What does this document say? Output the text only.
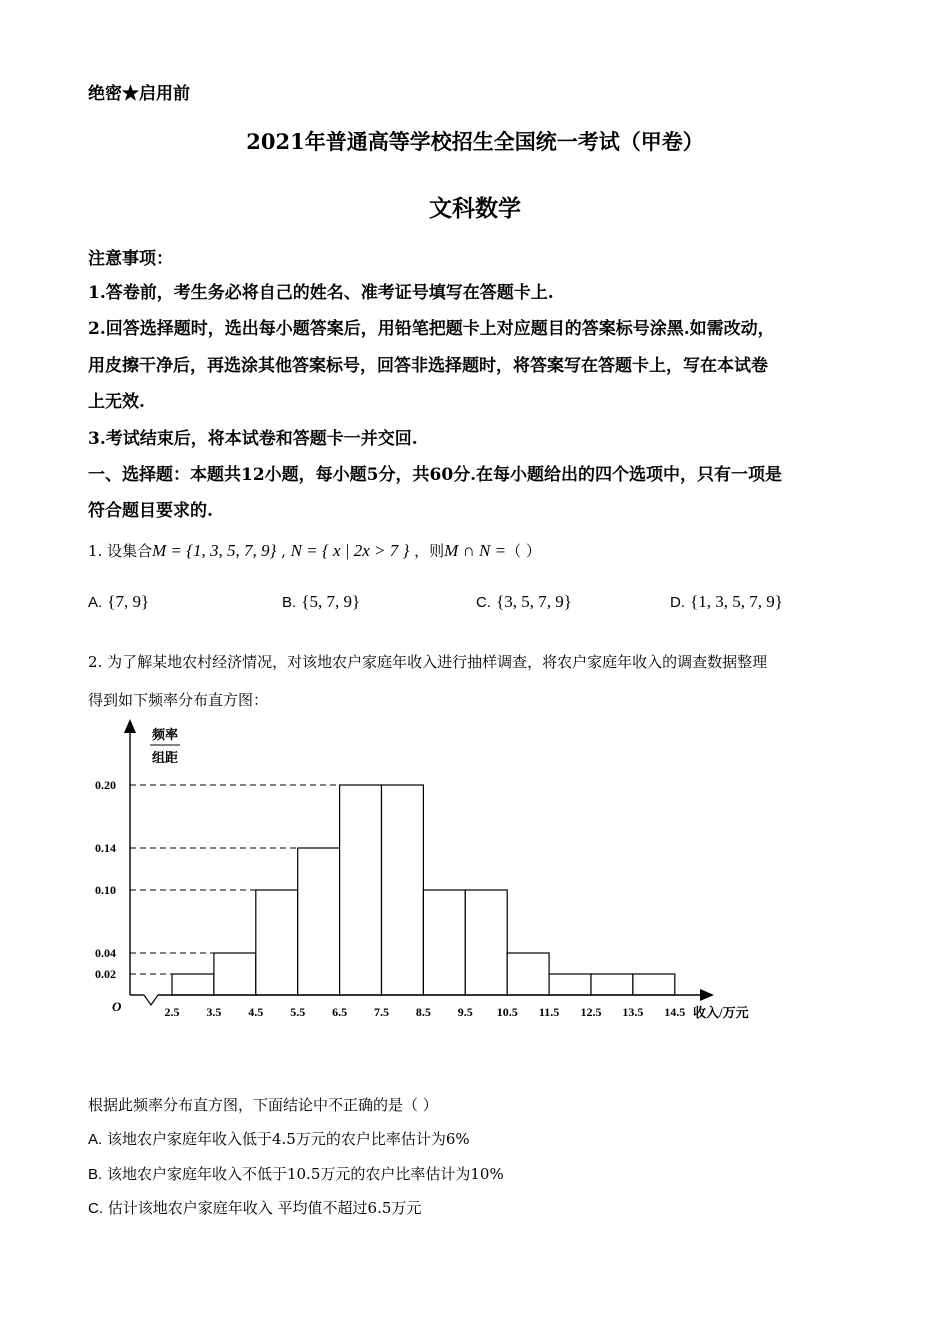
绝密★启用前
2021年普通高等学校招生全国统一考试（甲卷）
文科数学
注意事项：
1.答卷前，考生务必将自己的姓名、准考证号填写在答题卡上.
2.回答选择题时，选出每小题答案后，用铅笔把题卡上对应题目的答案标号涂黑.如需改动，
用皮擦干净后，再选涂其他答案标号，回答非选择题时，将答案写在答题卡上，写在本试卷
上无效.
3.考试结束后，将本试卷和答题卡一并交回.
一、选择题：本题共12小题，每小题5分，共60分.在每小题给出的四个选项中，只有一项是
符合题目要求的.
1. 设集合M = {1, 3, 5, 7, 9} , N = { x | 2x > 7 } ，则M ∩ N =（ ）
A. {7, 9}	B. {5, 7, 9}	C. {3, 5, 7, 9}	D. {1, 3, 5, 7, 9}
2. 为了解某地农村经济情况，对该地农户家庭年收入进行抽样调查，将农户家庭年收入的调查数据整理
得到如下频率分布直方图：
频率
组距
O	收入/万元
0.20
0.14
0.10
0.04
0.02
2.5 3.5 4.5 5.5 6.5 7.5 8.5 9.5 10.5 11.5 12.5 13.5 14.5
根据此频率分布直方图，下面结论中不正确的是（ ）
A. 该地农户家庭年收入低于4.5万元的农户比率估计为6%
B. 该地农户家庭年收入不低于10.5万元的农户比率估计为10%
C. 估计该地农户家庭年收入 平均值不超过6.5万元
